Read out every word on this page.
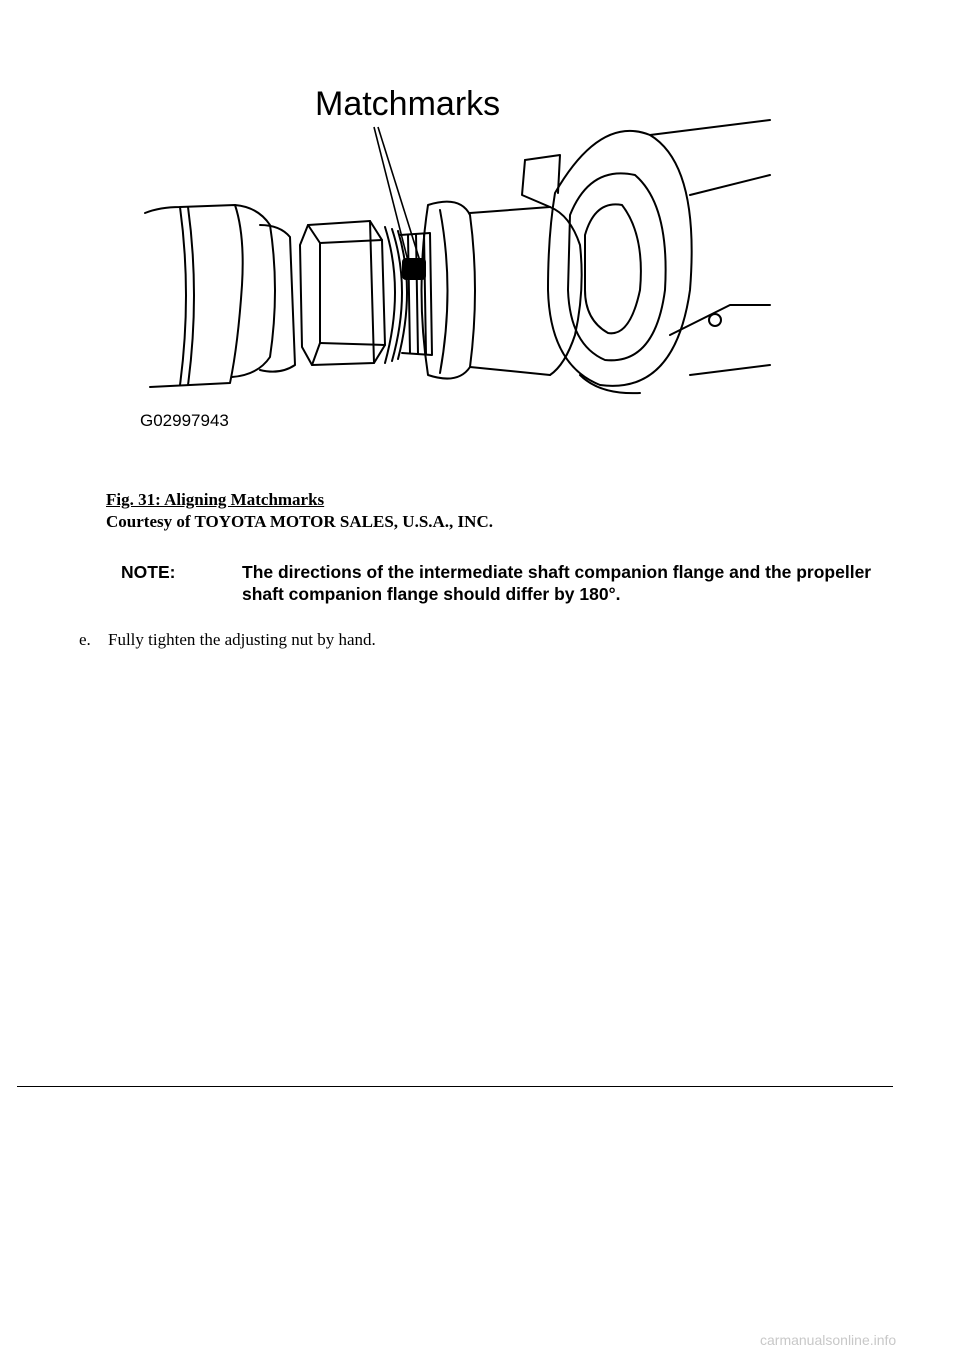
Matchmarks
G02997943
Fig. 31: Aligning Matchmarks
Courtesy of TOYOTA MOTOR SALES, U.S.A., INC.
NOTE:	The directions of the intermediate shaft companion flange and the propeller shaft companion flange should differ by 180°.
e. Fully tighten the adjusting nut by hand.
carmanualsonline.info
